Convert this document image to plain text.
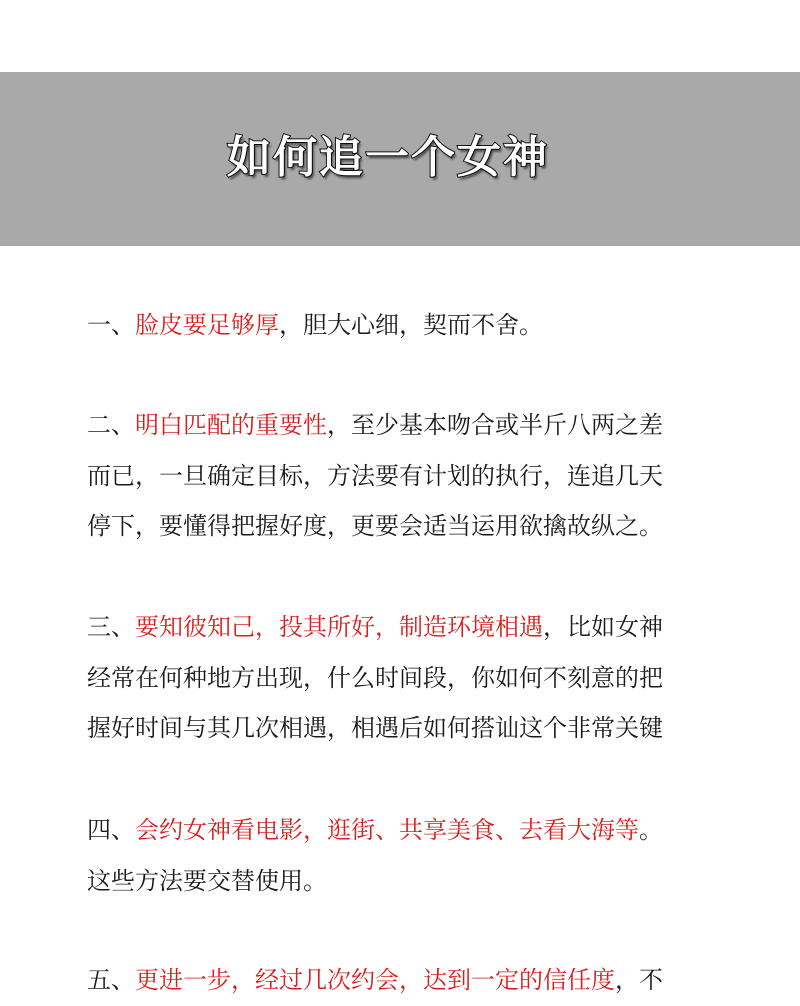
如何追一个女神
一、脸皮要足够厚，胆大心细，契而不舍。
二、明白匹配的重要性，至少基本吻合或半斤八两之差
而已，一旦确定目标，方法要有计划的执行，连追几天
停下，要懂得把握好度，更要会适当运用欲擒故纵之。
三、要知彼知己，投其所好，制造环境相遇，比如女神
经常在何种地方出现，什么时间段，你如何不刻意的把
握好时间与其几次相遇，相遇后如何搭讪这个非常关键
四、会约女神看电影，逛街、共享美食、去看大海等。
这些方法要交替使用。
五、更进一步，经过几次约会，达到一定的信任度，不
